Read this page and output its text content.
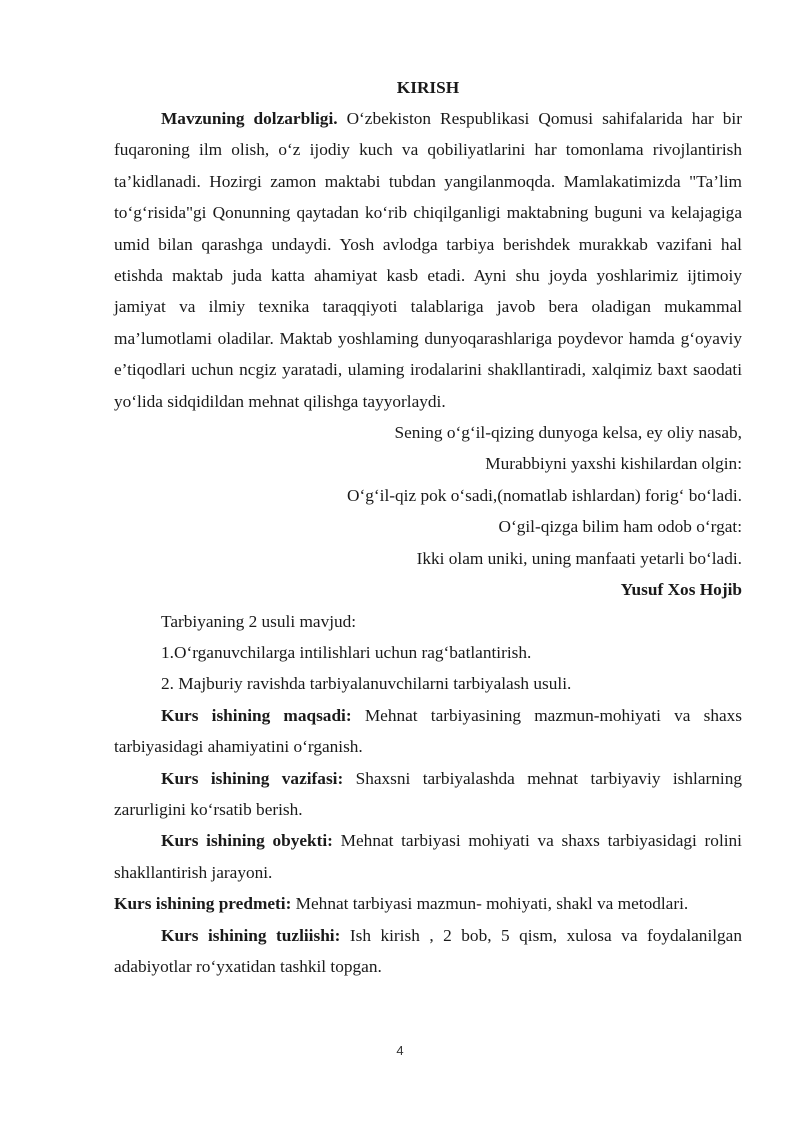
KIRISH

Mavzuning dolzarbligi. O‘zbekiston Respublikasi Qomusi sahifalarida har bir fuqaroning ilm olish, o‘z ijodiy kuch va qobiliyatlarini har tomonlama rivojlantirish ta’kidlanadi. Hozirgi zamon maktabi tubdan yangilanmoqda. Mamlakatimizda "Ta’lim to‘g‘risida"gi Qonunning qaytadan ko‘rib chiqilganligi maktabning buguni va kelajagiga umid bilan qarashga undaydi. Yosh avlodga tarbiya berishdek murakkab vazifani hal etishda maktab juda katta ahamiyat kasb etadi. Ayni shu joyda yoshlarimiz ijtimoiy jamiyat va ilmiy texnika taraqqiyoti talablariga javob bera oladigan mukammal ma’lumotlami oladilar. Maktab yoshlaming dunyoqarashlariga poydevor hamda g‘oyaviy e’tiqodlari uchun ncgiz yaratadi, ulaming irodalarini shakllantiradi, xalqimiz baxt saodati yo‘lida sidqidildan mehnat qilishga tayyorlaydi.

Sening o‘g‘il-qizing dunyoga kelsa, ey oliy nasab,

Murabbiyni yaxshi kishilardan olgin:

O‘g‘il-qiz pok o‘sadi,(nomatlab ishlardan) forig‘ bo‘ladi.

O‘gil-qizga bilim ham odob o‘rgat:

Ikki olam uniki, uning manfaati yetarli bo‘ladi.

Yusuf Xos Hojib

Tarbiyaning 2 usuli mavjud:

1.O‘rganuvchilarga intilishlari uchun rag‘batlantirish.

2. Majburiy ravishda tarbiyalanuvchilarni tarbiyalash usuli.

Kurs ishining maqsadi: Mehnat tarbiyasining mazmun-mohiyati va shaxs tarbiyasidagi ahamiyatini o‘rganish.

Kurs ishining vazifasi: Shaxsni tarbiyalashda mehnat tarbiyaviy ishlarning zarurligini ko‘rsatib berish.

Kurs ishining obyekti: Mehnat tarbiyasi mohiyati va shaxs tarbiyasidagi rolini shakllantirish jarayoni.

Kurs ishining predmeti: Mehnat tarbiyasi mazmun- mohiyati, shakl va metodlari.

Kurs ishining tuzliishi: Ish kirish , 2 bob, 5 qism, xulosa va foydalanilgan adabiyotlar ro‘yxatidan tashkil topgan.

4
